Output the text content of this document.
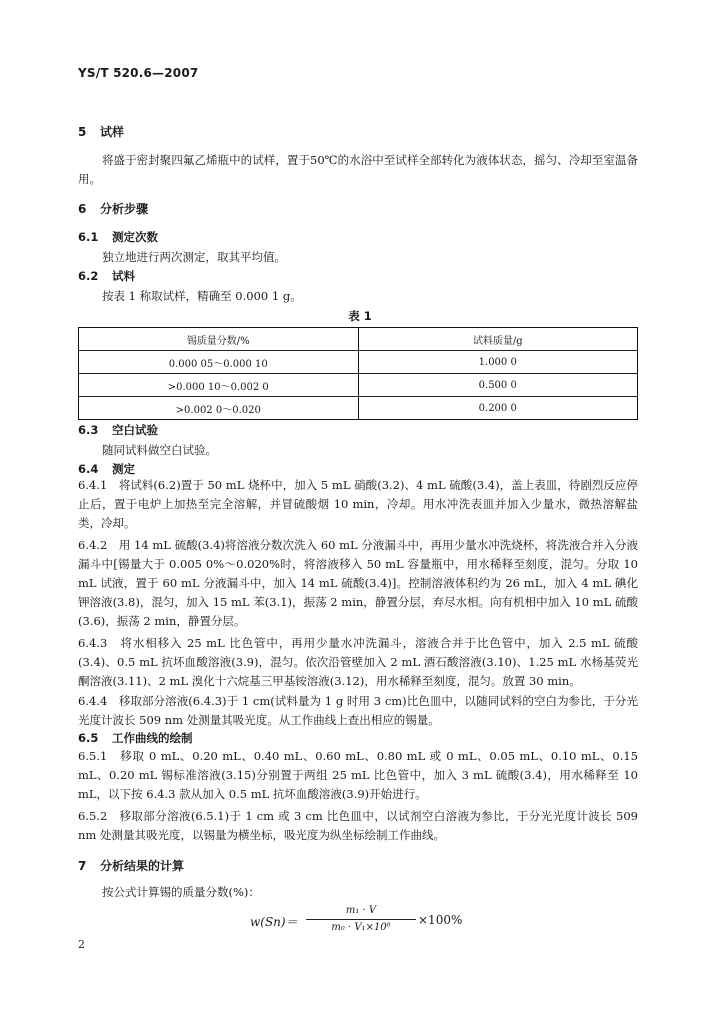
YS/T 520.6—2007
5 试样
将盛于密封聚四氟乙烯瓶中的试样，置于50℃的水浴中至试样全部转化为液体状态，摇匀、冷却至室温备用。
6 分析步骤
6.1 测定次数
独立地进行两次测定，取其平均值。
6.2 试料
按表 1 称取试样，精确至 0.000 1 g。
表 1
锡质量分数/%	试料质量/g
0.000 05～0.000 10	1.000 0
>0.000 10～0.002 0	0.500 0
>0.002 0～0.020	0.200 0
6.3 空白试验
随同试料做空白试验。
6.4 测定
6.4.1　将试料(6.2)置于 50 mL 烧杯中，加入 5 mL 硝酸(3.2)、4 mL 硫酸(3.4)，盖上表皿，待剧烈反应停止后，置于电炉上加热至完全溶解，并冒硫酸烟 10 min，冷却。用水冲洗表皿并加入少量水，微热溶解盐类，冷却。
6.4.2　用 14 mL 硫酸(3.4)将溶液分数次洗入 60 mL 分液漏斗中，再用少量水冲洗烧杯，将洗液合并入分液漏斗中[锡量大于 0.005 0%～0.020%时，将溶液移入 50 mL 容量瓶中，用水稀释至刻度，混匀。分取 10 mL 试液，置于 60 mL 分液漏斗中，加入 14 mL 硫酸(3.4)]。控制溶液体积约为 26 mL，加入 4 mL 碘化钾溶液(3.8)，混匀，加入 15 mL 苯(3.1)，振荡 2 min，静置分层，弃尽水相。向有机相中加入 10 mL 硫酸(3.6)，振荡 2 min，静置分层。
6.4.3　将水相移入 25 mL 比色管中，再用少量水冲洗漏斗，溶液合并于比色管中，加入 2.5 mL 硫酸(3.4)、0.5 mL 抗坏血酸溶液(3.9)，混匀。依次沿管壁加入 2 mL 酒石酸溶液(3.10)、1.25 mL 水杨基荧光酮溶液(3.11)、2 mL 溴化十六烷基三甲基铵溶液(3.12)，用水稀释至刻度，混匀。放置 30 min。
6.4.4　移取部分溶液(6.4.3)于 1 cm(试料量为 1 g 时用 3 cm)比色皿中，以随同试料的空白为参比，于分光光度计波长 509 nm 处测量其吸光度。从工作曲线上查出相应的锡量。
6.5 工作曲线的绘制
6.5.1　移取 0 mL、0.20 mL、0.40 mL、0.60 mL、0.80 mL 或 0 mL、0.05 mL、0.10 mL、0.15 mL、0.20 mL 锡标准溶液(3.15)分别置于两组 25 mL 比色管中，加入 3 mL 硫酸(3.4)，用水稀释至 10 mL，以下按 6.4.3 款从加入 0.5 mL 抗坏血酸溶液(3.9)开始进行。
6.5.2　移取部分溶液(6.5.1)于 1 cm 或 3 cm 比色皿中，以试剂空白溶液为参比，于分光光度计波长 509 nm 处测量其吸光度，以锡量为横坐标，吸光度为纵坐标绘制工作曲线。
7 分析结果的计算
按公式计算锡的质量分数(%)：
w(Sn)＝
m₁ · V
m₀ · V₁×10⁶
×100%
2
